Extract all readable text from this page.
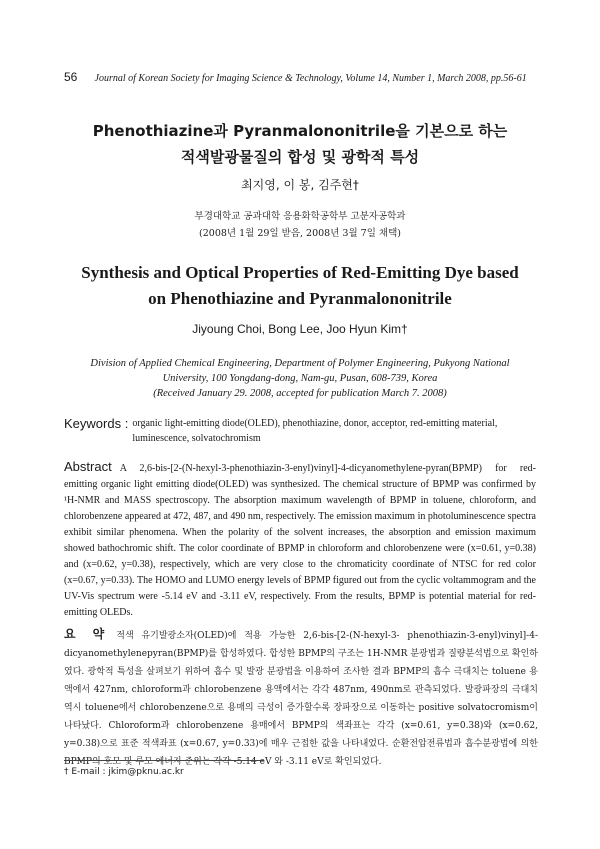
56 Journal of Korean Society for Imaging Science & Technology, Volume 14, Number 1, March 2008, pp.56-61
Phenothiazine과 Pyranmalononitrile을 기본으로 하는
적색발광물질의 합성 및 광학적 특성
최지영, 이 봉, 김주현†
부경대학교 공과대학 응용화학공학부 고분자공학과
(2008년 1월 29일 받음, 2008년 3월 7일 채택)
Synthesis and Optical Properties of Red-Emitting Dye based
on Phenothiazine and Pyranmalononitrile
Jiyoung Choi, Bong Lee, Joo Hyun Kim†
Division of Applied Chemical Engineering, Department of Polymer Engineering, Pukyong National
University, 100 Yongdang-dong, Nam-gu, Pusan, 608-739, Korea
(Received January 29. 2008, accepted for publication March 7. 2008)
Keywords : organic light-emitting diode(OLED), phenothiazine, donor, acceptor, red-emitting material, luminescence, solvatochromism
Abstract A 2,6-bis-[2-(N-hexyl-3-phenothiazin-3-enyl)vinyl]-4-dicyanomethylene-pyran(BPMP) for red-emitting organic light emitting diode(OLED) was synthesized. The chemical structure of BPMP was confirmed by ¹H-NMR and MASS spectroscopy. The absorption maximum wavelength of BPMP in toluene, chloroform, and chlorobenzene appeared at 472, 487, and 490 nm, respectively. The emission maximum in photoluminescence spectra exhibit similar phenomena. When the polarity of the solvent increases, the absorption and emission maximum showed bathochromic shift. The color coordinate of BPMP in chloroform and chlorobenzene were (x=0.61, y=0.38) and (x=0.62, y=0.38), respectively, which are very close to the chromaticity coordinate of NTSC for red color (x=0.67, y=0.33). The HOMO and LUMO energy levels of BPMP figured out from the cyclic voltammogram and the UV-Vis spectrum were -5.14 eV and -3.11 eV, respectively. From the results, BPMP is potential material for red-emitting OLEDs.
요 약 적색 유기발광소자(OLED)에 적용 가능한 2,6-bis-[2-(N-hexyl-3- phenothiazin-3-enyl)vinyl]-4-dicyanomethylenepyran(BPMP)를 합성하였다. 합성한 BPMP의 구조는 1H-NMR 분광법과 질량분석법으로 확인하였다. 광학적 특성을 살펴보기 위하여 흡수 및 발광 분광법을 이용하여 조사한 결과 BPMP의 흡수 극대치는 toluene 용액에서 427nm, chloroform과 chlorobenzene 용액에서는 각각 487nm, 490nm로 관측되었다. 발광파장의 극대치 역시 toluene에서 chlorobenzene으로 용매의 극성이 증가할수록 장파장으로 이동하는 positive solvatocromism이 나타났다. Chloroform과 chlorobenzene 용매에서 BPMP의 색좌표는 각각 (x=0.61, y=0.38)와 (x=0.62, y=0.38)으로 표준 적색좌표 (x=0.67, y=0.33)에 매우 근접한 값을 나타내었다. 순환전압전류법과 흡수분광법에 의한 BPMP의 호모 및 루모 에너지 준위는 각각 -5.14 eV 와 -3.11 eV로 확인되었다.
† E-mail : jkim@pknu.ac.kr
